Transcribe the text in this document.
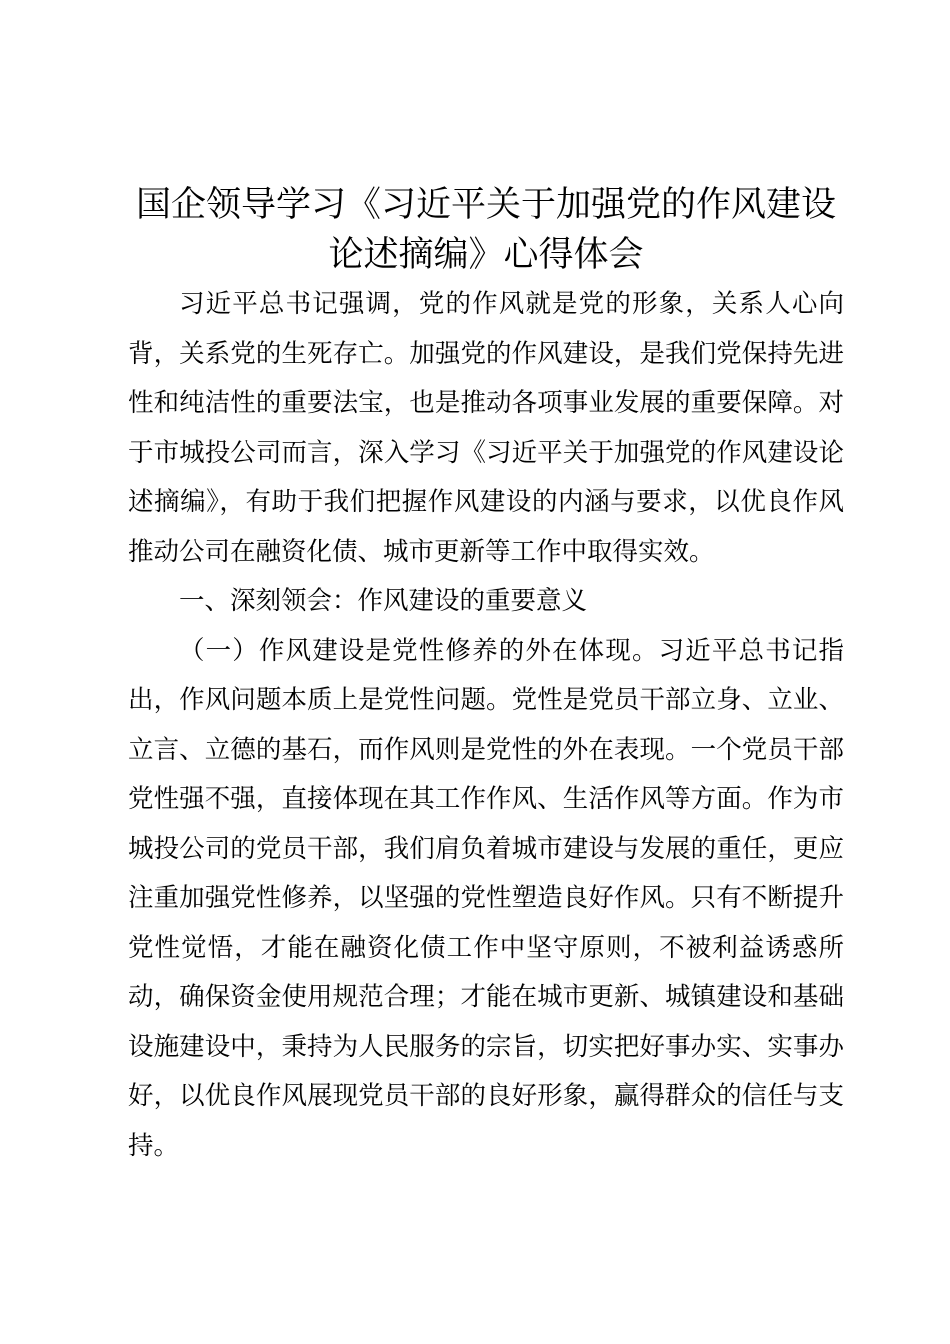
国企领导学习《习近平关于加强党的作风建设
论述摘编》心得体会

习近平总书记强调，党的作风就是党的形象，关系人心向背，关系党的生死存亡。加强党的作风建设，是我们党保持先进性和纯洁性的重要法宝，也是推动各项事业发展的重要保障。对于市城投公司而言，深入学习《习近平关于加强党的作风建设论述摘编》，有助于我们把握作风建设的内涵与要求，以优良作风推动公司在融资化债、城市更新等工作中取得实效。

一、深刻领会：作风建设的重要意义

（一）作风建设是党性修养的外在体现。习近平总书记指出，作风问题本质上是党性问题。党性是党员干部立身、立业、立言、立德的基石，而作风则是党性的外在表现。一个党员干部党性强不强，直接体现在其工作作风、生活作风等方面。作为市城投公司的党员干部，我们肩负着城市建设与发展的重任，更应注重加强党性修养，以坚强的党性塑造良好作风。只有不断提升党性觉悟，才能在融资化债工作中坚守原则，不被利益诱惑所动，确保资金使用规范合理；才能在城市更新、城镇建设和基础设施建设中，秉持为人民服务的宗旨，切实把好事办实、实事办好，以优良作风展现党员干部的良好形象，赢得群众的信任与支持。
